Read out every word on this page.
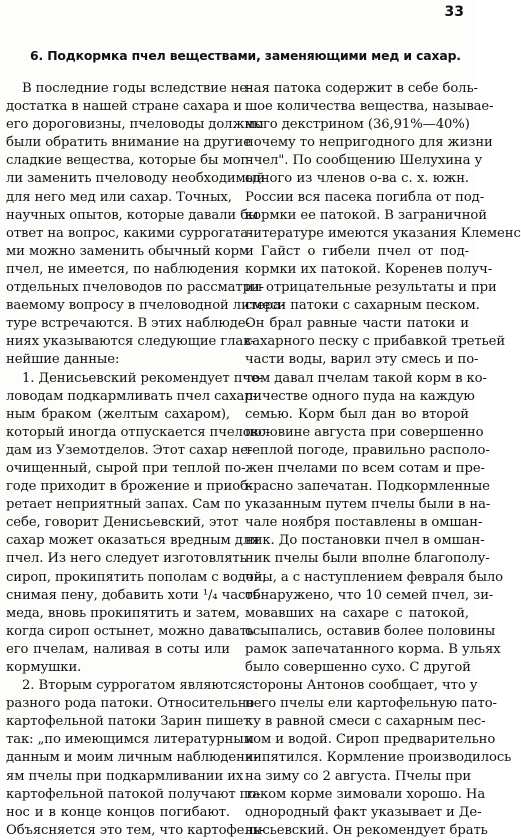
33
6. Подкормка пчел веществами, заменяющими мед и сахар.
В последние годы вследствие не-
достатка в нашей стране сахара и
его дороговизны, пчеловоды должны
были обратить внимание на другие
сладкие вещества, которые бы мог-
ли заменить пчеловоду необходимый
для него мед или сахар. Точных,
научных опытов, которые давали бы
ответ на вопрос, какими суррогата-
ми можно заменить обычный корм
пчел, не имеется, по наблюдения
отдельных пчеловодов по рассматри-
ваемому вопросу в пчеловодной литера-
туре встречаются. В этих наблюде-
ниях указываются следующие глав-
нейшие данные:
1. Денисьевский рекомендует пче-
ловодам подкармливать пчел сахар-
ным браком (желтым сахаром),
который иногда отпускается пчелово-
дам из Уземотделов. Этот сахар не-
очищенный, сырой при теплой по-
годе приходит в брожение и приоб-
ретает неприятный запах. Сам по
себе, говорит Денисьевский, этот
сахар может оказаться вредным для
пчел. Из него следует изготовлять
сироп, прокипятить пополам с водой,
снимая пену, добавить хоти ¹/₄ часть
меда, вновь прокипятить и затем,
когда сироп остынет, можно давать
его пчелам, наливая в соты или
кормушки.
2. Вторым суррогатом являются
разного рода патоки. Относительно
картофельной патоки Зарин пишет
так: „по имеющимся литературным
данным и моим личным наблюдени-
ям пчелы при подкармливании их
картофельной патокой получают по-
нос и в конце концов погибают.
Объясняется это тем, что картофель-
ная патока содержит в себе боль-
шое количества вещества, называе-
мого декстрином (36,91%—40%)
почему то непригодного для жизни
пчел". По сообщению Шелухина у
одного из членов о-ва с. х. южн.
России вся пасека погибла от под-
кормки ее патокой. В заграничной
литературе имеются указания Клеменс
и Гайст о гибели пчел от под-
кормки их патокой. Коренев получ-
ил отрицательные результаты и при
смеси патоки с сахарным песком.
Он брал равные части патоки и
сахарного песку с прибавкой третьей
части воды, варил эту смесь и по-
том давал пчелам такой корм в ко-
личестве одного пуда на каждую
семью. Корм был дан во второй
половине августа при совершенно
теплой погоде, правильно располо-
жен пчелами по всем сотам и пре-
красно запечатан. Подкормленные
указанным путем пчелы были в на-
чале ноября поставлены в омшан-
ник. До постановки пчел в омшан-
ник пчелы были вполне благополу-
чны, а с наступлением февраля было
обнаружено, что 10 семей пчел, зи-
мовавших на сахаре с патокой,
осыпались, оставив более половины
рамок запечатанного корма. В ульях
было совершенно сухо. С другой
стороны Антонов сообщает, что у
него пчелы ели картофельную пато-
ку в равной смеси с сахарным пес-
ком и водой. Сироп предварительно
кипятился. Кормление производилось
на зиму со 2 августа. Пчелы при
таком корме зимовали хорошо. На
однородный факт указывает и Де-
нисьевский. Он рекомендует брать
